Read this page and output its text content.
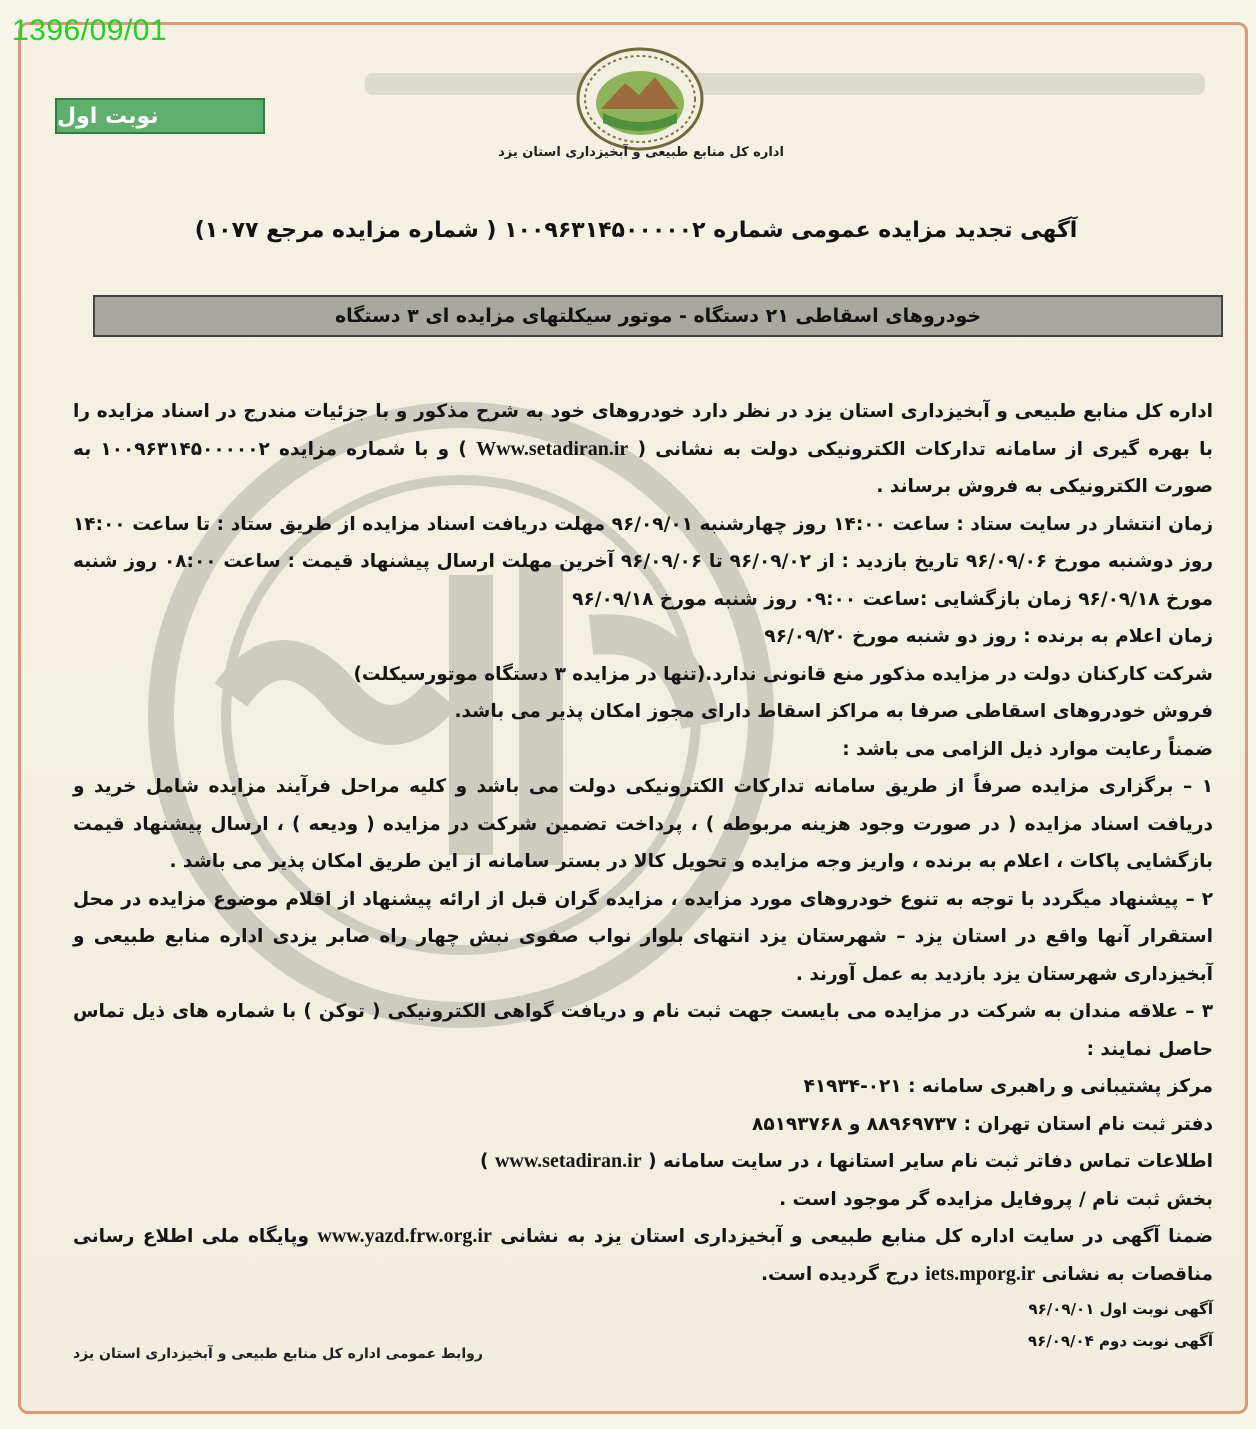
1396/09/01
نوبت اول
اداره کل منابع طبیعی و آبخیزداری استان یزد
آگهی تجدید مزایده عمومی شماره ۱۰۰۹۶۳۱۴۵۰۰۰۰۰۲ ( شماره مزایده مرجع ۱۰۷۷)
خودروهای اسقاطی ۲۱ دستگاه - موتور سیکلتهای مزایده ای ۳ دستگاه

اداره کل منابع طبیعی و آبخیزداری استان یزد در نظر دارد خودروهای خود به شرح مذکور و با جزئیات مندرج در اسناد مزایده را با بهره گیری از سامانه تدارکات الکترونیکی دولت به نشانی ( Www.setadiran.ir ) و با شماره مزایده ۱۰۰۹۶۳۱۴۵۰۰۰۰۰۲ به صورت الکترونیکی به فروش برساند .

زمان انتشار در سایت ستاد : ساعت ۱۴:۰۰ روز چهارشنبه ۹۶/۰۹/۰۱ مهلت دریافت اسناد مزایده از طریق ستاد : تا ساعت ۱۴:۰۰ روز دوشنبه مورخ ۹۶/۰۹/۰۶ تاریخ بازدید : از ۹۶/۰۹/۰۲ تا ۹۶/۰۹/۰۶ آخرین مهلت ارسال پیشنهاد قیمت : ساعت ۰۸:۰۰ روز شنبه مورخ ۹۶/۰۹/۱۸ زمان بازگشایی :ساعت ۰۹:۰۰ روز شنبه مورخ ۹۶/۰۹/۱۸

زمان اعلام به برنده : روز دو شنبه مورخ ۹۶/۰۹/۲۰

شرکت کارکنان دولت در مزایده مذکور منع قانونی ندارد.(تنها در مزایده ۳ دستگاه موتورسیکلت)

فروش خودروهای اسقاطی صرفا به مراکز اسقاط دارای مجوز امکان پذیر می باشد.

ضمناً رعایت موارد ذیل الزامی می باشد :

۱ – برگزاری مزایده صرفاً از طریق سامانه تدارکات الکترونیکی دولت می باشد و کلیه مراحل فرآیند مزایده شامل خرید و دریافت اسناد مزایده ( در صورت وجود هزینه مربوطه ) ، پرداخت تضمین شرکت در مزایده ( ودیعه ) ، ارسال پیشنهاد قیمت بازگشایی پاکات ، اعلام به برنده ، واریز وجه مزایده و تحویل کالا در بستر سامانه از این طریق امکان پذیر می باشد .

۲ – پیشنهاد میگردد با توجه به تنوع خودروهای مورد مزایده ، مزایده گران قبل از ارائه پیشنهاد از اقلام موضوع مزایده در محل استقرار آنها واقع در استان یزد – شهرستان یزد انتهای بلوار نواب صفوی نبش چهار راه صابر یزدی اداره منابع طبیعی و آبخیزداری شهرستان یزد بازدید به عمل آورند .

۳ – علاقه مندان به شرکت در مزایده می بایست جهت ثبت نام و دریافت گواهی الکترونیکی ( توکن ) با شماره های ذیل تماس حاصل نمایند :

مرکز پشتیبانی و راهبری سامانه : ۰۲۱-۴۱۹۳۴

دفتر ثبت نام استان تهران : ۸۸۹۶۹۷۳۷ و ۸۵۱۹۳۷۶۸

اطلاعات تماس دفاتر ثبت نام سایر استانها ، در سایت سامانه ( www.setadiran.ir )

بخش ثبت نام / پروفایل مزایده گر موجود است .

ضمنا آگهی در سایت اداره کل منابع طبیعی و آبخیزداری استان یزد به نشانی www.yazd.frw.org.ir وپایگاه ملی اطلاع رسانی مناقصات به نشانی iets.mporg.ir درج گردیده است.

آگهی نوبت اول ۹۶/۰۹/۰۱

آگهی نوبت دوم ۹۶/۰۹/۰۴

روابط عمومی اداره کل منابع طبیعی و آبخیزداری استان یزد
